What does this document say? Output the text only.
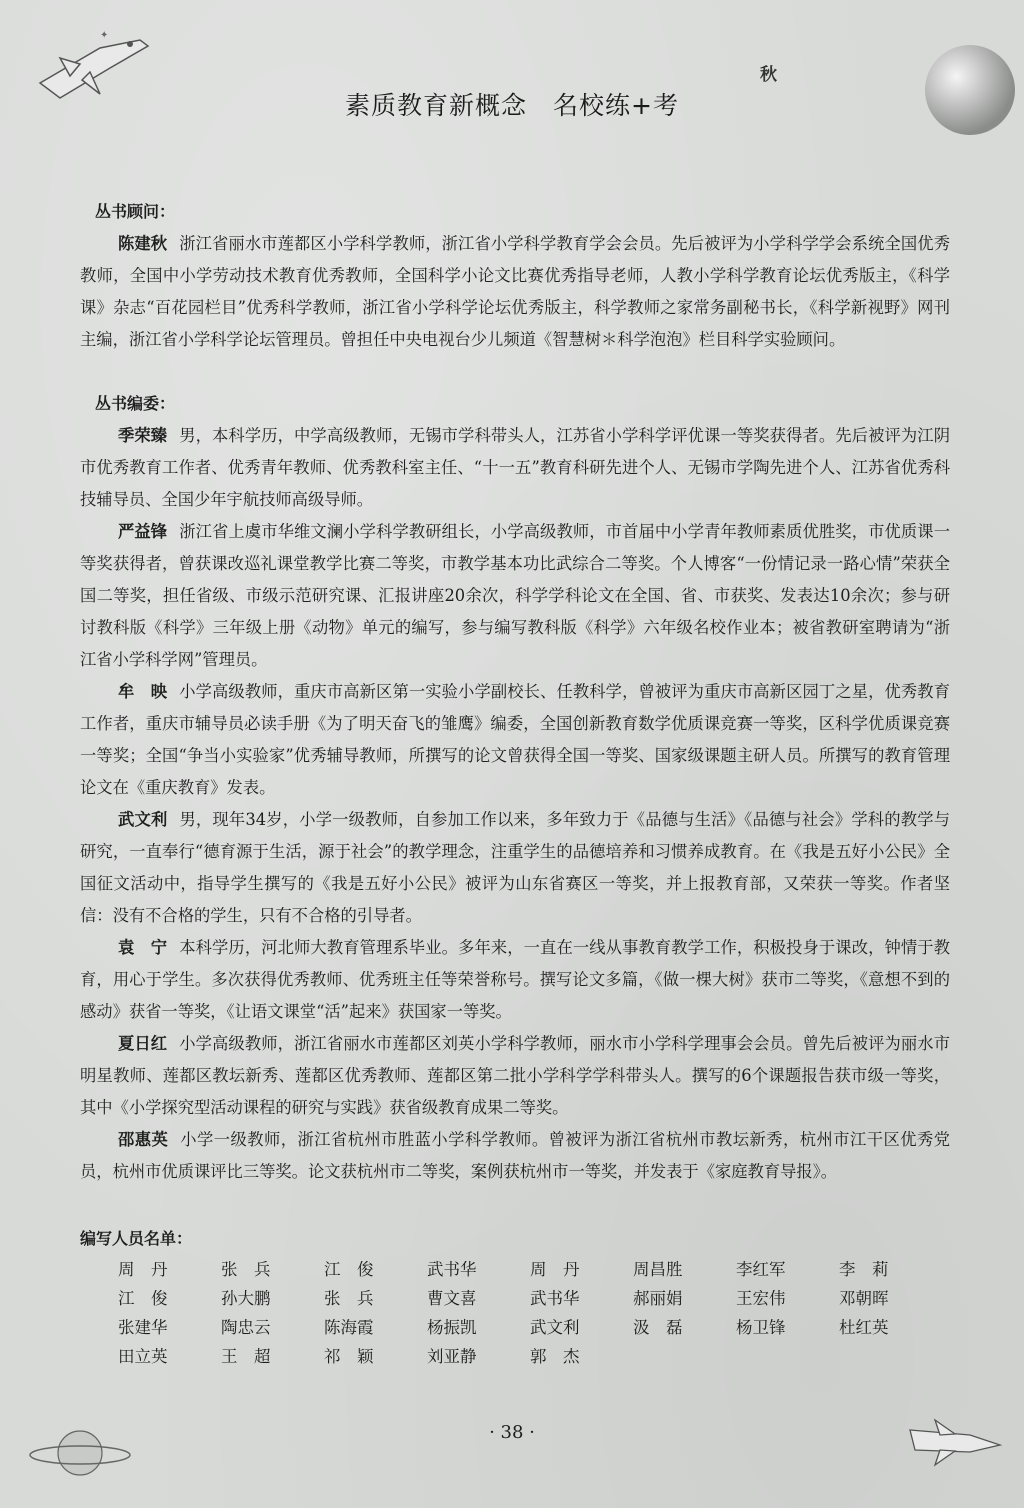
✦
素质教育新概念　名校练+考
秋
丛书顾问：

陈建秋 浙江省丽水市莲都区小学科学教师，浙江省小学科学教育学会会员。先后被评为小学科学学会系统全国优秀教师，全国中小学劳动技术教育优秀教师，全国科学小论文比赛优秀指导老师，人教小学科学教育论坛优秀版主，《科学课》杂志“百花园栏目”优秀科学教师，浙江省小学科学论坛优秀版主，科学教师之家常务副秘书长，《科学新视野》网刊主编，浙江省小学科学论坛管理员。曾担任中央电视台少儿频道《智慧树＊科学泡泡》栏目科学实验顾问。

丛书编委：

季荣臻 男，本科学历，中学高级教师，无锡市学科带头人，江苏省小学科学评优课一等奖获得者。先后被评为江阴市优秀教育工作者、优秀青年教师、优秀教科室主任、“十一五”教育科研先进个人、无锡市学陶先进个人、江苏省优秀科技辅导员、全国少年宇航技师高级导师。

严益锋 浙江省上虞市华维文澜小学科学教研组长，小学高级教师，市首届中小学青年教师素质优胜奖，市优质课一等奖获得者，曾获课改巡礼课堂教学比赛二等奖，市教学基本功比武综合二等奖。个人博客“一份情记录一路心情”荣获全国二等奖，担任省级、市级示范研究课、汇报讲座20余次，科学学科论文在全国、省、市获奖、发表达10余次；参与研讨教科版《科学》三年级上册《动物》单元的编写，参与编写教科版《科学》六年级名校作业本；被省教研室聘请为“浙江省小学科学网”管理员。

牟　映 小学高级教师，重庆市高新区第一实验小学副校长、任教科学，曾被评为重庆市高新区园丁之星，优秀教育工作者，重庆市辅导员必读手册《为了明天奋飞的雏鹰》编委，全国创新教育数学优质课竞赛一等奖，区科学优质课竞赛一等奖；全国“争当小实验家”优秀辅导教师，所撰写的论文曾获得全国一等奖、国家级课题主研人员。所撰写的教育管理论文在《重庆教育》发表。

武文利 男，现年34岁，小学一级教师，自参加工作以来，多年致力于《品德与生活》《品德与社会》学科的教学与研究，一直奉行“德育源于生活，源于社会”的教学理念，注重学生的品德培养和习惯养成教育。在《我是五好小公民》全国征文活动中，指导学生撰写的《我是五好小公民》被评为山东省赛区一等奖，并上报教育部，又荣获一等奖。作者坚信：没有不合格的学生，只有不合格的引导者。

袁　宁 本科学历，河北师大教育管理系毕业。多年来，一直在一线从事教育教学工作，积极投身于课改，钟情于教育，用心于学生。多次获得优秀教师、优秀班主任等荣誉称号。撰写论文多篇，《做一棵大树》获市二等奖，《意想不到的感动》获省一等奖，《让语文课堂“活”起来》获国家一等奖。

夏日红 小学高级教师，浙江省丽水市莲都区刘英小学科学教师，丽水市小学科学理事会会员。曾先后被评为丽水市明星教师、莲都区教坛新秀、莲都区优秀教师、莲都区第二批小学科学学科带头人。撰写的6个课题报告获市级一等奖，其中《小学探究型活动课程的研究与实践》获省级教育成果二等奖。

邵惠英 小学一级教师，浙江省杭州市胜蓝小学科学教师。曾被评为浙江省杭州市教坛新秀，杭州市江干区优秀党员，杭州市优质课评比三等奖。论文获杭州市二等奖，案例获杭州市一等奖，并发表于《家庭教育导报》。

编写人员名单：
周　丹	张　兵	江　俊	武书华	周　丹	周昌胜	李红军	李　莉
江　俊	孙大鹏	张　兵	曹文喜	武书华	郝丽娟	王宏伟	邓朝晖
张建华	陶忠云	陈海霞	杨振凯	武文利	汲　磊	杨卫锋	杜红英
田立英	王　超	祁　颖	刘亚静	郭　杰
· 38 ·
